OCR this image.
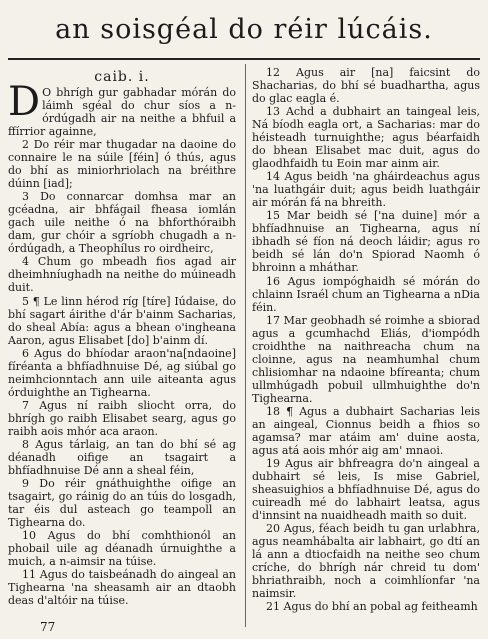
an soisgéal do réir lúcáis.
caib. i.

D O bhrígh gur gabhadar mórán do láimh sgéal do chur síos a n-órdúgadh air na neithe a bhfuil a ffírrior againne,

2 Do réir mar thugadar na daoine do connaire le na súile [féin] ó thús, agus do bhí as miniorhriolach na bréithre dúinn [iad];

3 Do connarcar domhsa mar an gcéadna, air bhfágail fheasa iomlán gach uile neithe ó na bhforthóraibh dam, gur chóir a sgríobh chugadh a n-órdúgadh, a Theophílus ro oirdheirc,

4 Chum go mbeadh fios agad air dheimhníughadh na neithe do múineadh duit.

5 ¶ Le linn hérod ríg [tíre] Iúdaise, do bhí sagart áirithe d'ár b'ainm Sacharias, do sheal Abía: agus a bhean o'ingheana Aaron, agus Elisabet [do] b'ainm dí.

6 Agus do bhíodar araon'na[ndaoine] fíréanta a bhfíadhnuise Dé, ag siúbal go neimhcionntach ann uile aiteanta agus órduighthe an Tighearna.

7 Agus ní raibh sliocht orra, do bhrígh go raibh Elisabet searg, agus go raibh aois mhór aca araon.

8 Agus tárlaig, an tan do bhí sé ag déanadh oifige an tsagairt a bhfíadhnuise Dé ann a sheal féin,

9 Do réir gnáthuighthe oifige an tsagairt, go ráinig do an túis do losgadh, tar éis dul asteach go teampoll an Tighearna do.

10 Agus do bhí comhthionól an phobail uile ag déanadh úrnuighthe a muich, a n-aimsir na túise.

11 Agus do taisbeánadh do aingeal an Tighearna 'na sheasamh air an dtaobh deas d'altóir na túise.

12 Agus air [na] faicsint do Shacharias, do bhí sé buadhartha, agus do glac eagla é.

13 Achd a dubhairt an taingeal leis, Ná bíodh eagla ort, a Sacharias: mar do héisteadh turnuighthe; agus béarfaidh do bhean Elisabet mac duit, agus do glaodhfaidh tu Eoin mar ainm air.

14 Agus beidh 'na gháirdeachus agus 'na luathgáir duit; agus beidh luathgáir air mórán fá na bhreith.

15 Mar beidh sé ['na duine] mór a bhfíadhnuise an Tighearna, agus ní ibhadh sé fíon ná deoch láidir; agus ro beidh sé lán do'n Spiorad Naomh ó bhroinn a mháthar.

16 Agus iompóghaidh sé mórán do chlainn Israél chum an Tighearna a nDia féin.

17 Mar geobhadh sé roimhe a sbiorad agus a gcumhachd Eliás, d'iompódh croidhthe na naithreacha chum na cloinne, agus na neamhumhal chum chlisiomhar na ndaoine bfíreanta; chum ullmhúgadh pobuil ullmhuighthe do'n Tighearna.

18 ¶ Agus a dubhairt Sacharias leis an aingeal, Cionnus beidh a fhios so agamsa? mar atáim am' duine aosta, agus atá aois mhór aig am' mnaoi.

19 Agus air bhfreagra do'n aingeal a dubhairt sé leis, Is mise Gabriel, sheasuighios a bhfíadhnuise Dé, agus do cuireadh mé do labhairt leatsa, agus d'innsint na nuaidheadh maith so duit.

20 Agus, féach beidh tu gan urlabhra, agus neamhábalta air labhairt, go dtí an lá ann a dtiocfaidh na neithe seo chum críche, do bhrígh nár chreid tu dom' bhriathraibh, noch a coimhlíonfar 'na naimsir.

21 Agus do bhí an pobal ag feitheamh

77
